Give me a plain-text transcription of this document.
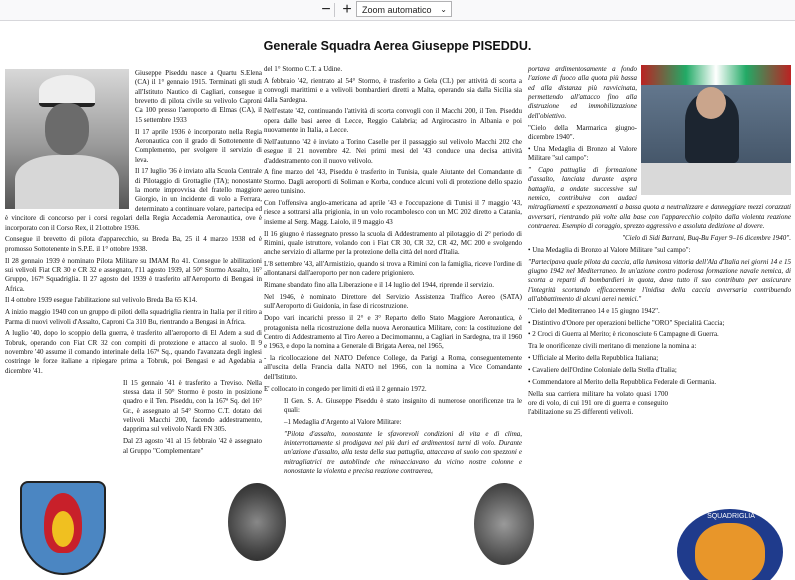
− +	Zoom automatico ⌄
Generale Squadra Aerea Giuseppe PISEDDU.

Giuseppe Piseddu nasce a Quartu S.Elena (CA) il 1° gennaio 1915. Terminati gli studi all'Istituto Nautico di Cagliari, consegue il brevetto di pilota civile su velivolo Caproni Ca 100 presso l'aeroporto di Elmas (CA), il 15 settembre 1933

Il 17 aprile 1936 è incorporato nella Regia Aeronautica con il grado di Sottotenente di Complemento, per svolgere il servizio di leva.

Il 17 luglio '36 è inviato alla Scuola Centrale di Pilotaggio di Grottaglie (TA); nonostante la morte improvvisa del fratello maggiore Giorgio, in un incidente di volo a Ferrara, determinato a continuare volare, partecipa ed è vincitore di concorso per i corsi regolari della Regia Accademia Aeronautica, ove è incorporato con il Corso Rex, il 21ottobre 1936.

Consegue il brevetto di pilota d'apparecchio, su Breda Ba, 25 il 4 marzo 1938 ed è promosso Sottotenente in S.P.E. il 1° ottobre 1938.

Il 28 gennaio 1939 è nominato Pilota Militare su IMAM Ro 41. Consegue le abilitazioni sui velivoli Fiat CR 30 e CR 32 e assegnato, l'11 agosto 1939, al 50° Stormo Assalto, 16° Gruppo, 167ª Squadriglia. Il 27 agosto del 1939 è trasferito all'Aeroporto di Bengasi in Africa.

Il 4 ottobre 1939 esegue l'abilitazione sul velivolo Breda Ba 65 K14.

A inizio maggio 1940 con un gruppo di piloti della squadriglia rientra in Italia per il ritiro a Parma di nuovi velivoli d'Assalto, Caproni Ca 310 Bu, rientrando a Bengasi in Africa.

A luglio '40, dopo lo scoppio della guerra, è trasferito all'aeroporto di El Adem a sud di Tobruk, operando con Fiat CR 32 con compiti di protezione e attacco al suolo. Il 9 novembre '40 assume il comando interinale della 167ª Sq., quando l'avanzata degli inglesi costringe le forze italiane a ripiegare prima a Tobruk, poi Bengasi e ad Agedabia a dicembre '41.

Il 15 gennaio '41 è trasferito a Treviso. Nella stessa data il 50° Stormo è posto in posizione quadro e il Ten. Piseddu, con la 167ª Sq. del 16° Gr., è assegnato al 54° Stormo C.T. dotato dei velivoli Macchi 200, facendo addestramento, dapprima sul velivolo Nardi FN 305.

Dal 23 agosto '41 al 15 febbraio '42 è assegnato al Gruppo "Complementare"

del 1° Stormo C.T. a Udine.

A febbraio '42, rientrato al 54° Stormo, è trasferito a Gela (CL) per attività di scorta a convogli marittimi e a velivoli bombardieri diretti a Malta, operando sia dalla Sicilia sia dalla Sardegna.

Nell'estate '42, continuando l'attività di scorta convogli con il Macchi 200, il Ten. Piseddu opera dalle basi aeree di Lecce, Reggio Calabria; ad Argirocastro in Albania e poi nuovamente in Italia, a Lecce.

Nell'autunno '42 è inviato a Torino Caselle per il passaggio sul velivolo Macchi 202 che esegue il 21 novembre 42. Nei primi mesi del '43 conduce una decisa attività d'addestramento con il nuovo velivolo.

A fine marzo del '43, Piseddu è trasferito in Tunisia, quale Aiutante del Comandante di Stormo. Dagli aeroporti di Soliman e Korba, conduce alcuni voli di protezione dello spazio aereo tunisino.

Con l'offensiva anglo-americana ad aprile '43 e l'occupazione di Tunisi il 7 maggio '43, riesce a sottrarsi alla prigionia, in un volo rocambolesco con un MC 202 diretto a Catania, insieme al Serg. Magg. Laiolo, il 9 maggio 43

Il 16 giugno è riassegnato presso la scuola di Addestramento al pilotaggio di 2° periodo di Rimini, quale istruttore, volando con i Fiat CR 30, CR 32, CR 42, MC 200 e svolgendo anche servizio di allarme per la protezione della città del nord d'Italia.

L'8 settembre '43, all'Armistizio, quando si trova a Rimini con la famiglia, riceve l'ordine di allontanarsi dall'aeroporto per non cadere prigioniero.

Rimane sbandato fino alla Liberazione e il 14 luglio del 1944, riprende il servizio.

Nel 1946, è nominato Direttore del Servizio Assistenza Traffico Aereo (SATA) sull'Aeroporto di Guidonia, in fase di ricostruzione.

Dopo vari incarichi presso il 2° e 3° Reparto dello Stato Maggiore Aeronautica, è protagonista nella ricostruzione della nuova Aeronautica Militare, con: la costituzione del Centro di Addestramento al Tiro Aereo a Decimomannu, a Cagliari in Sardegna, tra il 1960 e 1963, e dopo la nomina a Generale di Brigata Aerea, nel 1965,

- la ricollocazione del NATO Defence College, da Parigi a Roma, conseguentemente all'uscita della Francia dalla NATO nel 1966, con la nomina a Vice Comandante dell'Istituto.

E' collocato in congedo per limiti di età il 2 gennaio 1972.

Il Gen. S. A. Giuseppe Piseddu è stato insignito di numerose onorificenze tra le quali:

–1 Medaglia d'Argento al Valore Militare:

"Pilota d'assalto, nonostante le sfavorevoli condizioni di vita e di clima, ininterrottamente si prodigava nei più duri ed ardimentosi turni di volo. Durante un'azione d'assalto, alla testa della sua pattuglia, attaccava al suolo con spezzoni e mitragliatrici tre autoblinde che minacciavano da vicino nostre colonne e nonostante la violenta e precisa reazione contraerea,

portava ardimentosamente a fondo l'azione di fuoco alla quota più bassa ed alla distanza più ravvicinata, permettendo all'attacco fino alla distruzione ed immobilizzazione dell'obiettivo.

"Cielo della Marmarica giugno-dicembre 1940".

• Una Medaglia di Bronzo al Valore Militare "sul campo":

" Capo pattuglia di formazione d'assalto, lanciata durante aspra battaglia, a ondate successive sul nemico, contribuiva con audaci mitragliamenti e spezzonamenti a bassa quota a neutralizzare e danneggiare mezzi corazzati avversari, rientrando più volte alla base con l'apparecchio colpito dalla violenta reazione contraerea. Esempio di coraggio, sprezzo aggressivo e assoluta dedizione al dovere.

"Cielo di Sidi Barrani, Buq-Bu Fayer 9–16 dicembre 1940".

• Una Medaglia di Bronzo al Valore Militare "sul campo":

"Partecipava quale pilota da caccia, alla luminosa vittoria dell'Ala d'Italia nei giorni 14 e 15 giugno 1942 nel Mediterraneo. In un'azione contro poderosa formazione navale nemica, di scorta a reparti di bombardieri in quota, dava tutto il suo contributo per assicurare l'integrità scortando efficacemente l'inidisa della caccia avversaria contribuendo all'abbattimento di alcuni aerei nemici."

"Cielo del Mediterraneo 14 e 15 giugno 1942".

• Distintivo d'Onore per operazioni belliche "ORO" Specialità Caccia;

• 2 Croci di Guerra al Merito; è riconosciute 6 Campagne di Guerra.

Tra le onorificenze civili meritano di menzione la nomina a:

• Ufficiale al Merito della Repubblica Italiana;

• Cavaliere dell'Ordine Coloniale della Stella d'Italia;

• Commendatore al Merito della Repubblica Federale di Germania.

Nella sua carriera militare ha volato quasi 1700 ore di volo, di cui 191 ore di guerra e conseguito l'abilitazione su 25 differenti velivoli.

SQUADRIGLIA
